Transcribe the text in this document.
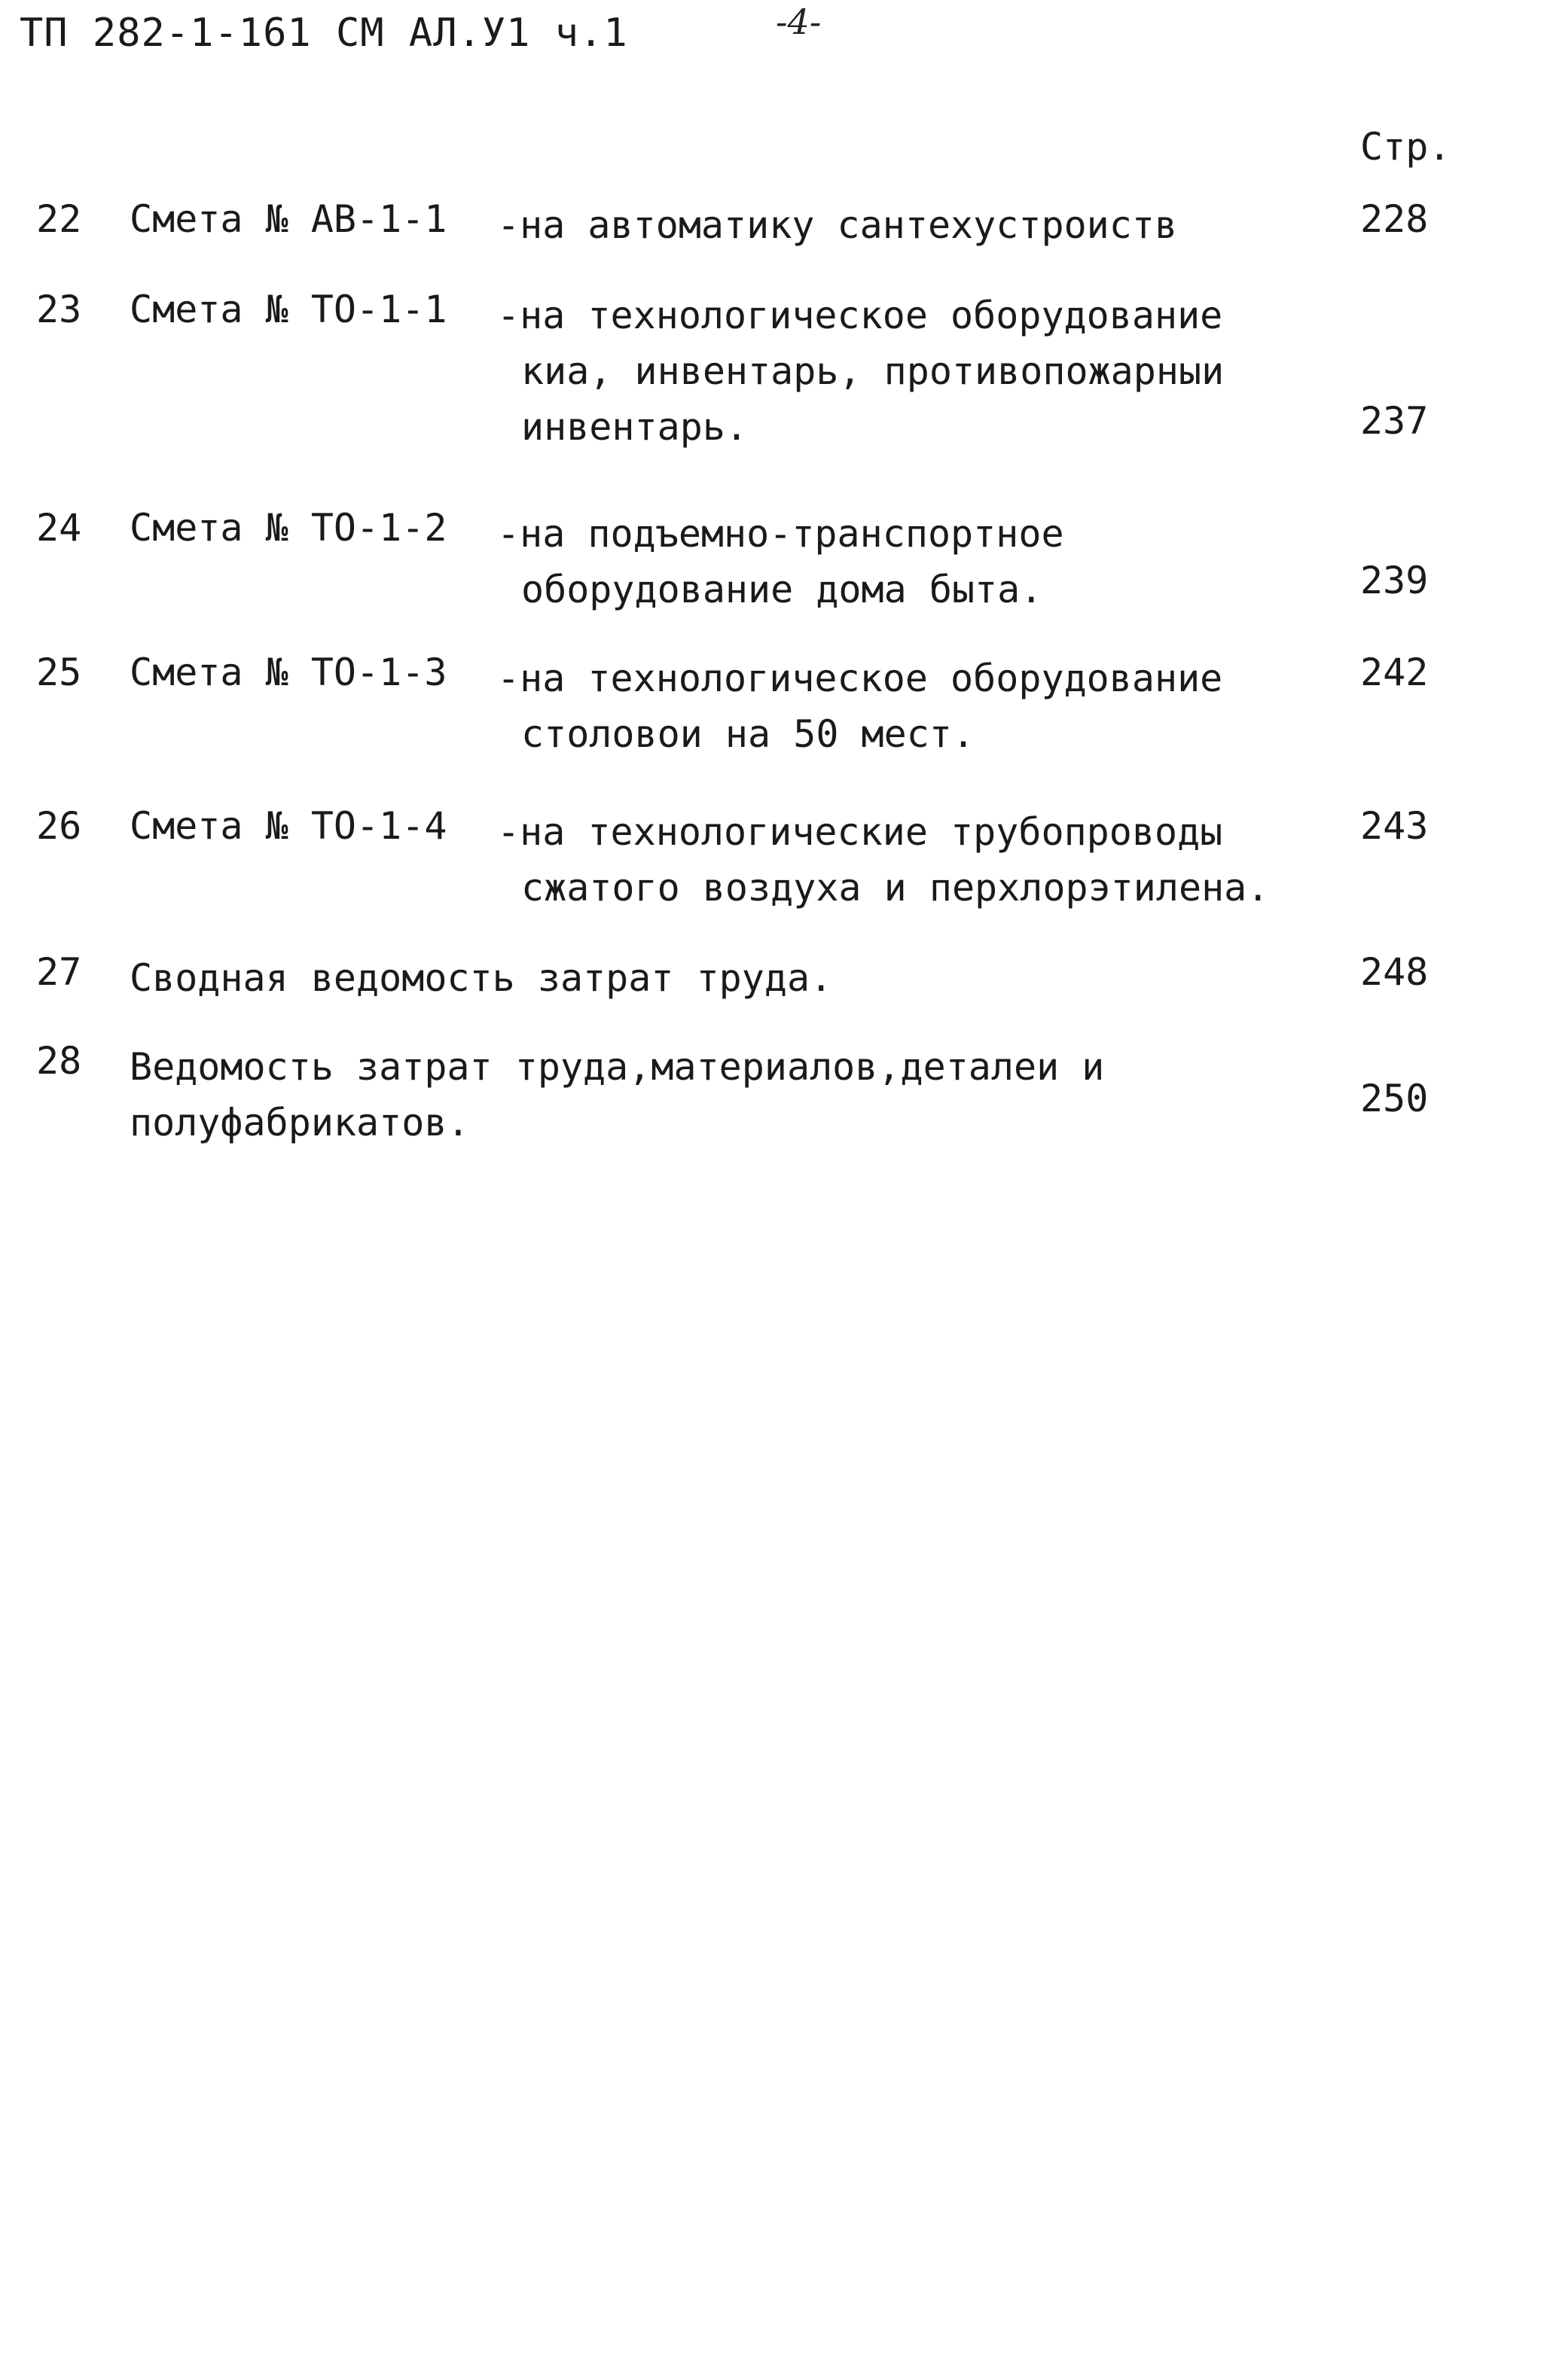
ТП 282-1-161 СМ АЛ.У1 ч.1	-4-
Стр.
22 Смета № АВ-1-1 -на автоматику сантехустроиств	228
23 Смета № ТО-1-1 -на технологическое оборудование
киа, инвентарь, противопожарныи
инвентарь.	237
24 Смета № ТО-1-2 -на подъемно-транспортное
оборудование дома быта.	239
25 Смета № ТО-1-3 -на технологическое оборудование
столовои на 50 мест.
242
26 Смета № ТО-1-4 -на технологические трубопроводы
сжатого воздуха и перхлорэтилена.
243
27 Сводная ведомость затрат труда.	248
28 Ведомость затрат труда,материалов,деталеи и
полуфабрикатов.
250
